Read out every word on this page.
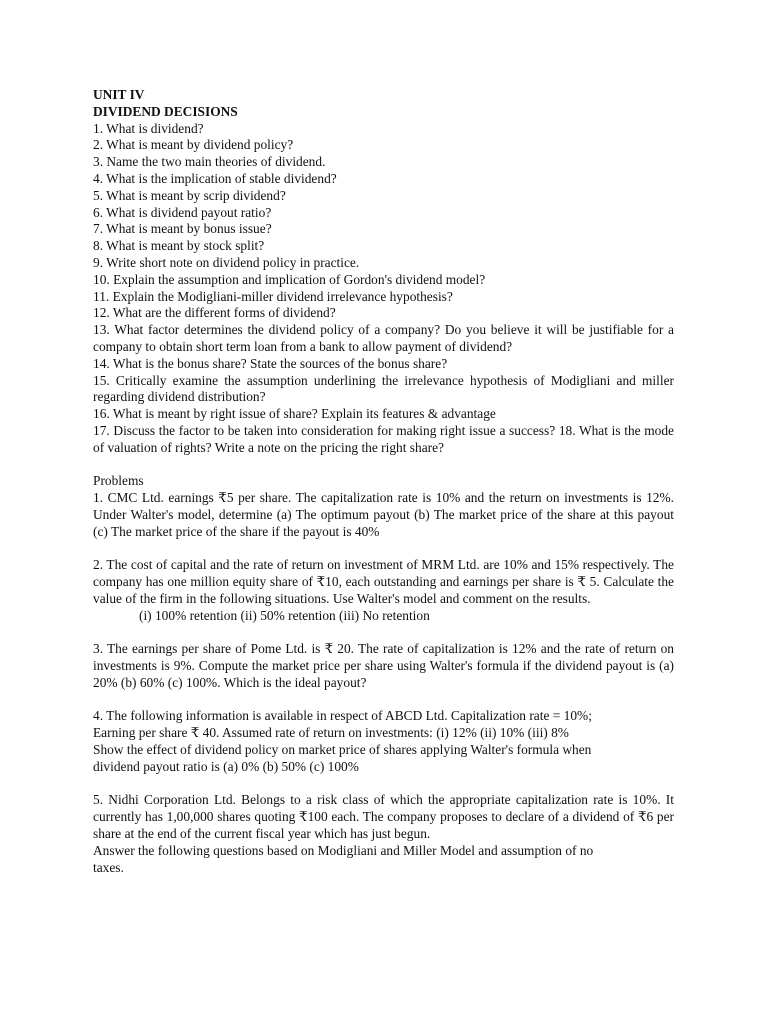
UNIT IV

DIVIDEND DECISIONS

1. What is dividend?

2. What is meant by dividend policy?

3. Name the two main theories of dividend.

4. What is the implication of stable dividend?

5. What is meant by scrip dividend?

6. What is dividend payout ratio?

7. What is meant by bonus issue?

8. What is meant by stock split?

9. Write short note on dividend policy in practice.

10. Explain the assumption and implication of Gordon's dividend model?

11. Explain the Modigliani-miller dividend irrelevance hypothesis?

12. What are the different forms of dividend?

13. What factor determines the dividend policy of a company? Do you believe it will be justifiable for a company to obtain short term loan from a bank to allow payment of dividend?

14. What is the bonus share? State the sources of the bonus share?

15. Critically examine the assumption underlining the irrelevance hypothesis of Modigliani and miller regarding dividend distribution?

16. What is meant by right issue of share? Explain its features & advantage

17. Discuss the factor to be taken into consideration for making right issue a success? 18. What is the mode of valuation of rights? Write a note on the pricing the right share?

Problems

1. CMC Ltd. earnings ₹5 per share. The capitalization rate is 10% and the return on investments is 12%. Under Walter's model, determine (a) The optimum payout (b) The market price of the share at this payout (c) The market price of the share if the payout is 40%

2. The cost of capital and the rate of return on investment of MRM Ltd. are 10% and 15% respectively. The company has one million equity share of ₹10, each outstanding and earnings per share is ₹ 5. Calculate the value of the firm in the following situations. Use Walter's model and comment on the results.

(i) 100% retention (ii) 50% retention (iii) No retention

3. The earnings per share of Pome Ltd. is ₹ 20. The rate of capitalization is 12% and the rate of return on investments is 9%. Compute the market price per share using Walter's formula if the dividend payout is (a) 20% (b) 60% (c) 100%. Which is the ideal payout?

4. The following information is available in respect of ABCD Ltd. Capitalization rate = 10%;

Earning per share ₹ 40. Assumed rate of return on investments: (i) 12% (ii) 10% (iii) 8%

Show the effect of dividend policy on market price of shares applying Walter's formula when

dividend payout ratio is (a) 0% (b) 50% (c) 100%

5. Nidhi Corporation Ltd. Belongs to a risk class of which the appropriate capitalization rate is 10%. It currently has 1,00,000 shares quoting ₹100 each. The company proposes to declare of a dividend of ₹6 per share at the end of the current fiscal year which has just begun.

Answer the following questions based on Modigliani and Miller Model and assumption of no

taxes.
